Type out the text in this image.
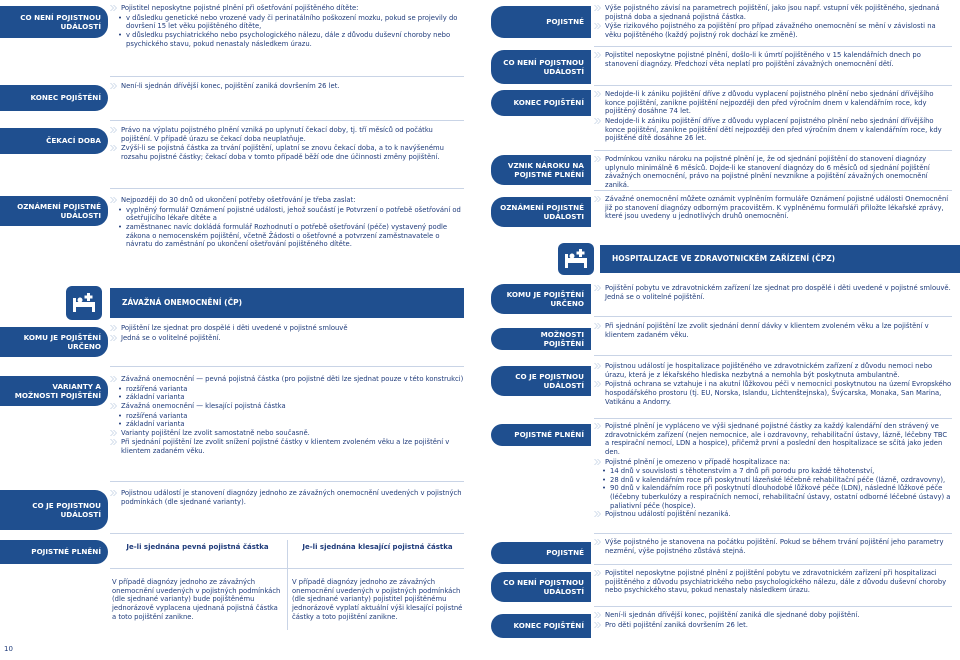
CO NENÍ POJISTNOU UDÁLOSTÍ
Pojistitel neposkytne pojistné plnění při ošetřování pojištěného dítěte:
• v důsledku genetické nebo vrozené vady či perinatálního poškození mozku, pokud se projevily do dovršení 15 let věku pojištěného dítěte,
• v důsledku psychiatrického nebo psychologického nálezu, dále z důvodu duševní choroby nebo psychického stavu, pokud nenastaly následkem úrazu.
KONEC POJIŠTĚNÍ
Není-li sjednán dřívější konec, pojištění zaniká dovršením 26 let.
ČEKACÍ DOBA
Právo na výplatu pojistného plnění vzniká po uplynutí čekací doby, tj. tří měsíců od počátku pojištění. V případě úrazu se čekací doba neuplatňuje.
Zvýší-li se pojistná částka za trvání pojištění, uplatní se znovu čekací doba, a to k navýšenému rozsahu pojistné částky; čekací doba v tomto případě běží ode dne účinnosti změny pojištění.
OZNÁMENÍ POJISTNÉ UDÁLOSTI
Nejpozději do 30 dnů od ukončení potřeby ošetřování je třeba zaslat:
• vyplněný formulář Oznámení pojistné události, jehož součástí je Potvrzení o potřebě ošetřování od ošetřujícího lékaře dítěte a
• zaměstnanec navíc dokládá formulář Rozhodnutí o potřebě ošetřování (péče) vystavený podle zákona o nemocenském pojištění, včetně Žádosti o ošetřovné a potvrzení zaměstnavatele o návratu do zaměstnání po ukončení ošetřování pojištěného dítěte.
ZÁVAŽNÁ ONEMOCNĚNÍ (ČP)
KOMU JE POJIŠTĚNÍ URČENO
Pojištění lze sjednat pro dospělé i děti uvedené v pojistné smlouvě
Jedná se o volitelné pojištění.
VARIANTY A MOŽNOSTI POJIŠTĚNÍ
Závažná onemocnění — pevná pojistná částka (pro pojistné děti lze sjednat pouze v této konstrukci)
• rozšířená varianta
• základní varianta
Závažná onemocnění — klesající pojistná částka
• rozšířená varianta
• základní varianta
Varianty pojištění lze zvolit samostatně nebo současně.
Při sjednání pojištění lze zvolit snížení pojistné částky v klientem zvoleném věku a lze pojištění v klientem zadaném věku.
CO JE POJISTNOU UDÁLOSTÍ
Pojistnou událostí je stanovení diagnózy jednoho ze závažných onemocnění uvedených v pojistných podmínkách (dle sjednané varianty).
POJISTNÉ PLNĚNÍ
Je-li sjednána pevná pojistná částka	Je-li sjednána klesající pojistná částka
V případě diagnózy jednoho ze závažných onemocnění uvedených v pojistných podmínkách (dle sjednané varianty) bude pojištěnému jednorázově vyplacena ujednaná pojistná částka a toto pojištění zanikne.
V případě diagnózy jednoho ze závažných onemocnění uvedených v pojistných podmínkách (dle sjednané varianty) pojistitel pojištěnému jednorázově vyplatí aktuální výši klesající pojistné částky a toto pojištění zanikne.
10
POJISTNÉ
Výše pojistného závisí na parametrech pojištění, jako jsou např. vstupní věk pojištěného, sjednaná pojistná doba a sjednaná pojistná částka.
Výše rizikového pojistného za pojištění pro případ závažného onemocnění se mění v závislosti na věku pojištěného (každý pojistný rok dochází ke změně).
CO NENÍ POJISTNOU UDÁLOSTÍ
Pojistitel neposkytne pojistné plnění, došlo-li k úmrtí pojištěného v 15 kalendářních dnech po stanovení diagnózy. Předchozí věta neplatí pro pojištění závažných onemocnění dětí.
KONEC POJIŠTĚNÍ
Nedojde-li k zániku pojištění dříve z důvodu vyplacení pojistného plnění nebo sjednání dřívějšího konce pojištění, zanikne pojištění nejpozději den před výročním dnem v kalendářním roce, kdy pojištěný dosáhne 74 let.
Nedojde-li k zániku pojištění dříve z důvodu vyplacení pojistného plnění nebo sjednání dřívějšího konce pojištění, zanikne pojištění dětí nejpozději den před výročním dnem v kalendářním roce, kdy pojištěné dítě dosáhne 26 let.
VZNIK NÁROKU NA POJISTNÉ PLNĚNÍ
Podmínkou vzniku nároku na pojistné plnění je, že od sjednání pojištění do stanovení diagnózy uplynulo minimálně 6 měsíců. Dojde-li ke stanovení diagnózy do 6 měsíců od sjednání pojištění závažných onemocnění, právo na pojistné plnění nevznikne a pojištění závažných onemocnění zaniká.
OZNÁMENÍ POJISTNÉ UDÁLOSTI
Závažné onemocnění můžete oznámit vyplněním formuláře Oznámení pojistné události Onemocnění již po stanovení diagnózy odborným pracovištěm. K vyplněnému formuláři přiložte lékařské zprávy, které jsou uvedeny u jednotlivých druhů onemocnění.
HOSPITALIZACE VE ZDRAVOTNICKÉM ZAŘÍZENÍ (ČPZ)
KOMU JE POJIŠTĚNÍ URČENO
Pojištění pobytu ve zdravotnickém zařízení lze sjednat pro dospělé i děti uvedené v pojistné smlouvě. Jedná se o volitelné pojištění.
MOŽNOSTI POJIŠTĚNÍ
Při sjednání pojištění lze zvolit sjednání denní dávky v klientem zvoleném věku a lze pojištění v klientem zadaném věku.
CO JE POJISTNOU UDÁLOSTÍ
Pojistnou událostí je hospitalizace pojištěného ve zdravotnickém zařízení z důvodu nemoci nebo úrazu, která je z lékařského hlediska nezbytná a nemohla být poskytnuta ambulantně.
Pojistná ochrana se vztahuje i na akutní lůžkovou péči v nemocnici poskytnutou na území Evropského hospodářského prostoru (tj. EU, Norska, Islandu, Lichtenštejnska), Švýcarska, Monaka, San Marina, Vatikánu a Andorry.
POJISTNÉ PLNĚNÍ
Pojistné plnění je vypláceno ve výši sjednané pojistné částky za každý kalendářní den strávený ve zdravotnickém zařízení (nejen nemocnice, ale i ozdravovny, rehabilitační ústavy, lázně, léčebny TBC a respirační nemocí, LDN a hospice), přičemž první a poslední den hospitalizace se sčítá jako jeden den.
Pojistné plnění je omezeno v případě hospitalizace na:
• 14 dnů v souvislosti s těhotenstvím a 7 dnů při porodu pro každé těhotenství,
• 28 dnů v kalendářním roce při poskytnutí lázeňské léčebně rehabilitační péče (lázně, ozdravovny),
• 90 dnů v kalendářním roce při poskytnutí dlouhodobé lůžkové péče (LDN), následné lůžkové péče (léčebny tuberkulózy a respiračních nemocí, rehabilitační ústavy, ostatní odborné léčebné ústavy) a paliativní péče (hospice).
Pojistnou událostí pojištění nezaniká.
POJISTNÉ
Výše pojistného je stanovena na počátku pojištění. Pokud se během trvání pojištění jeho parametry nezmění, výše pojistného zůstává stejná.
CO NENÍ POJISTNOU UDÁLOSTÍ
Pojistitel neposkytne pojistné plnění z pojištění pobytu ve zdravotnickém zařízení při hospitalizaci pojištěného z důvodu psychiatrického nebo psychologického nálezu, dále z důvodu duševní choroby nebo psychického stavu, pokud nenastaly následkem úrazu.
KONEC POJIŠTĚNÍ
Není-li sjednán dřívější konec, pojištění zaniká dle sjednané doby pojištění.
Pro děti pojištění zaniká dovršením 26 let.
